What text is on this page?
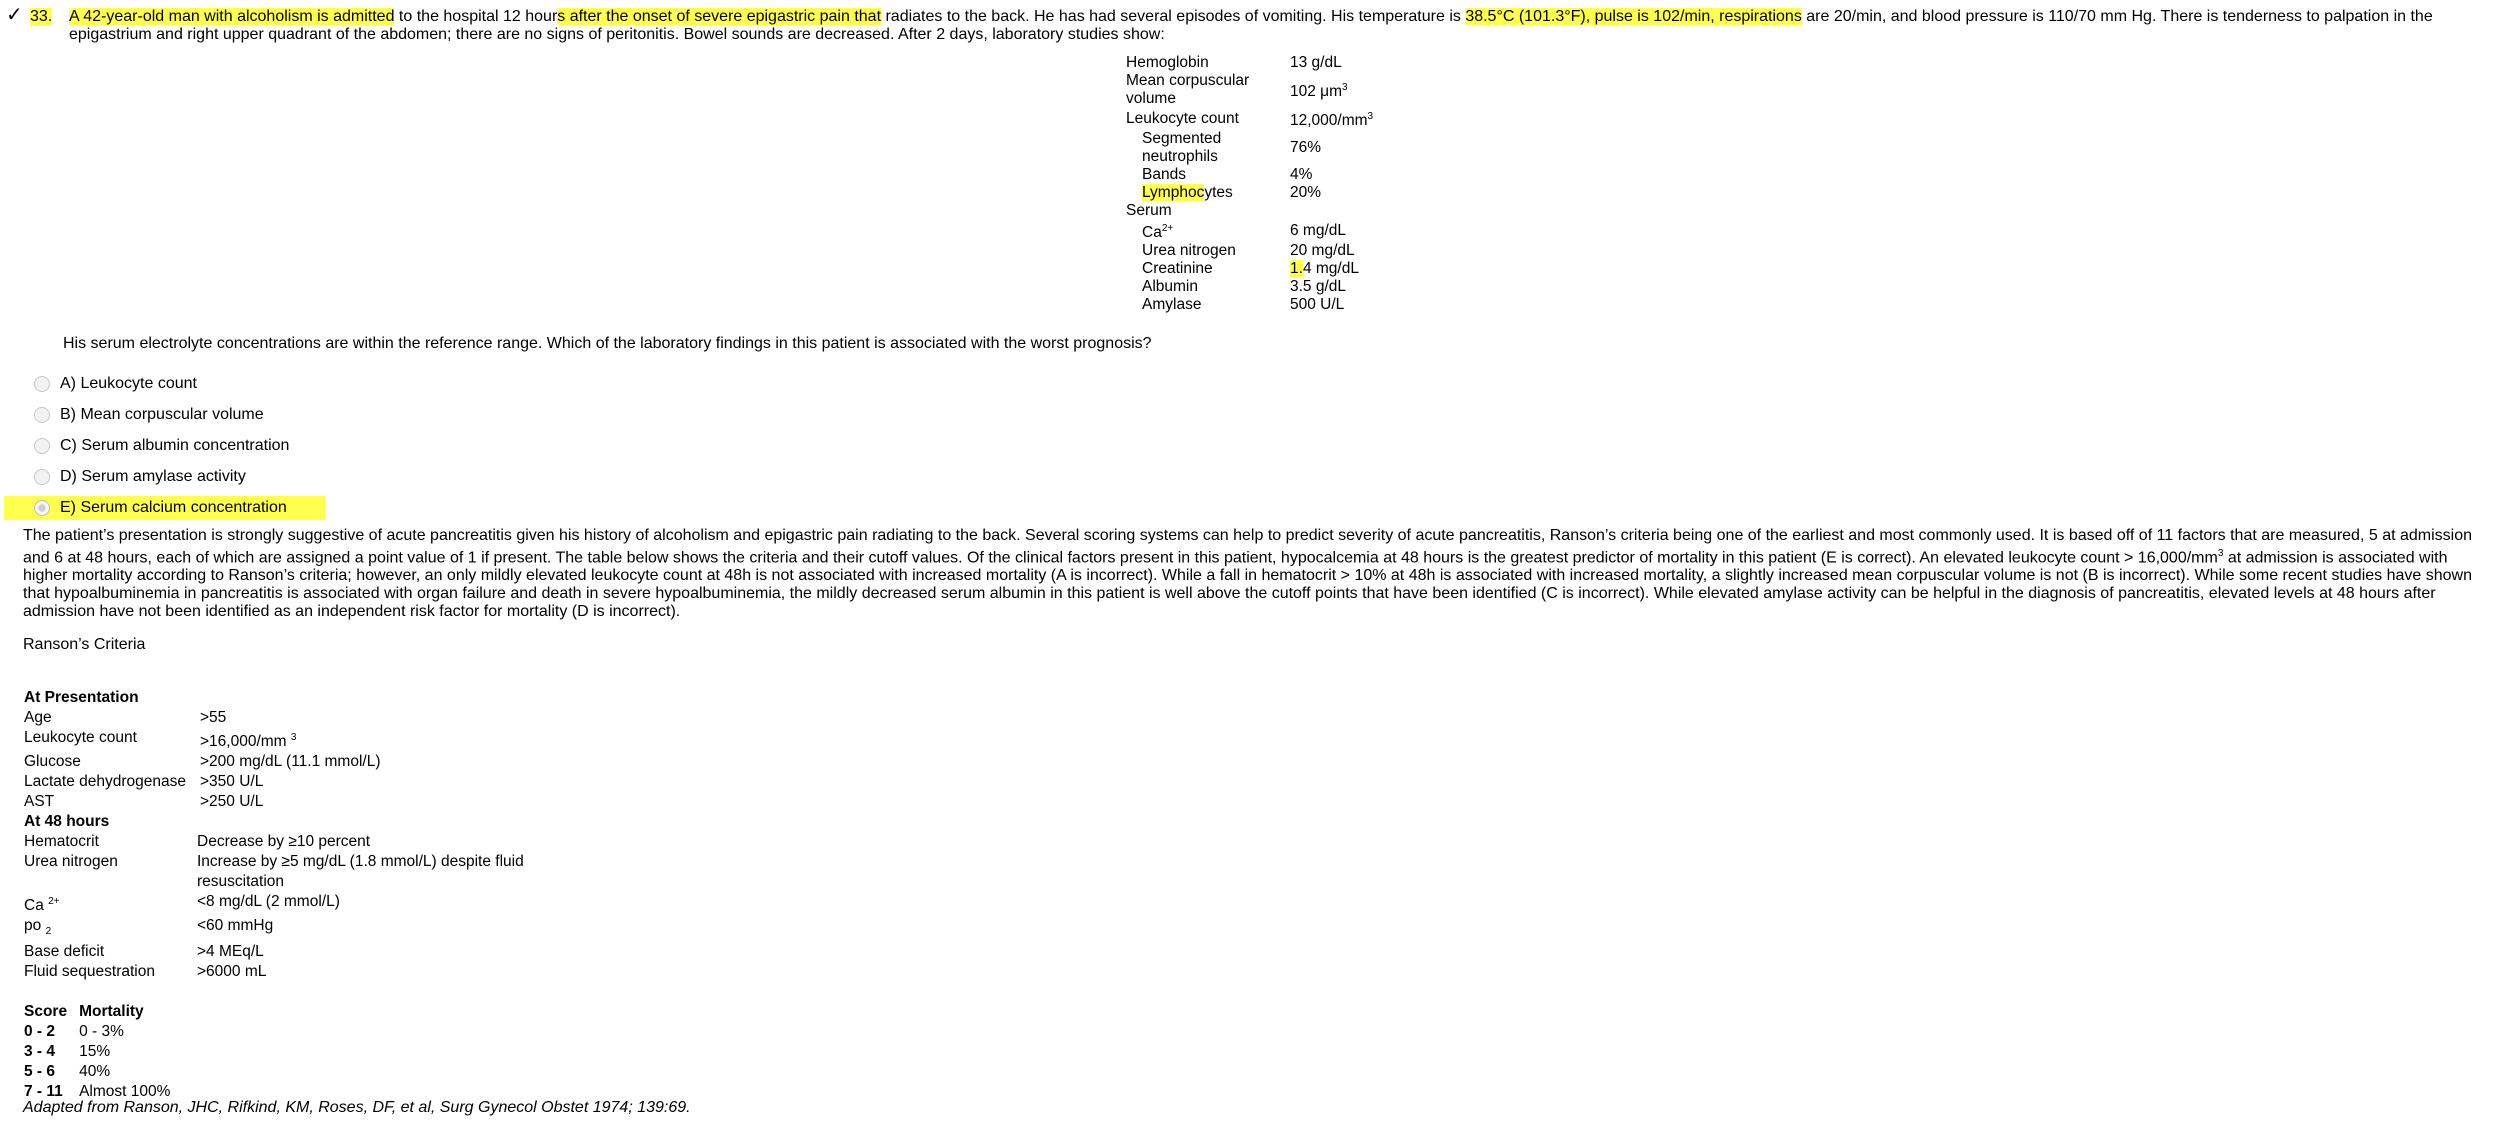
✓ 33. A 42-year-old man with alcoholism is admitted to the hospital 12 hours after the onset of severe epigastric pain that radiates to the back. He has had several episodes of vomiting. His temperature is 38.5°C (101.3°F), pulse is 102/min, respirations are 20/min, and blood pressure is 110/70 mm Hg. There is tenderness to palpation in the epigastrium and right upper quadrant of the abdomen; there are no signs of peritonitis. Bowel sounds are decreased. After 2 days, laboratory studies show:
Hemoglobin	13 g/dL
Mean corpuscular volume	102 $\mu m^3$
Leukocyte count	$12,000/mm^3$
Segmented neutrophils	76%
Bands	4%
Lymphocytes	20%
Serum	
$Ca^{2+}$	6 mg/dL
Urea nitrogen	20 mg/dL
Creatinine	1.4 mg/dL
Albumin	3.5 g/dL
Amylase	500 U/L
His serum electrolyte concentrations are within the reference range. Which of the laboratory findings in this patient is associated with the worst prognosis?
A)
Leukocyte count
B)
Mean corpuscular volume
C)
Serum albumin concentration
D)
Serum amylase activity
E)
Serum calcium concentration
The patient’s presentation is strongly suggestive of acute pancreatitis given his history of alcoholism and epigastric pain radiating to the back. Several scoring systems can help to predict severity of acute pancreatitis, Ranson’s criteria being one of the earliest and most commonly used. It is based off of 11 factors that are measured, 5 at admission and 6 at 48 hours, each of which are assigned a point value of 1 if present. The table below shows the criteria and their cutoff values. Of the clinical factors present in this patient, hypocalcemia at 48 hours is the greatest predictor of mortality in this patient (E is correct). An elevated leukocyte count > $16,000/mm^3$ at admission is associated with higher mortality according to Ranson’s criteria; however, an only mildly elevated leukocyte count at 48h is not associated with increased mortality (A is incorrect). While a fall in hematocrit > 10% at 48h is associated with increased mortality, a slightly increased mean corpuscular volume is not (B is incorrect). While some recent studies have shown that hypoalbuminemia in pancreatitis is associated with organ failure and death in severe hypoalbuminemia, the mildly decreased serum albumin in this patient is well above the cutoff points that have been identified (C is incorrect). While elevated amylase activity can be helpful in the diagnosis of pancreatitis, elevated levels at 48 hours after admission have not been identified as an independent risk factor for mortality (D is incorrect).
Ranson’s Criteria
At Presentation	
Age	>55
Leukocyte count	>16,000/mm $^3$
Glucose	>200 mg/dL (11.1 mmol/L)
Lactate dehydrogenase	>350 U/L
AST	>250 U/L
At 48 hours	
Hematocrit	Decrease by ≥10 percent
Urea nitrogen	Increase by ≥5 mg/dL (1.8 mmol/L) despite fluid resuscitation
Ca $^{2+}$	<8 mg/dL (2 mmol/L)
po $_2$	<60 mmHg
Base deficit	>4 MEq/L
Fluid sequestration	>6000 mL
Score	Mortality
0 - 2	0 - 3%
3 - 4	15%
5 - 6	40%
7 - 11	Almost 100%
Adapted from Ranson, JHC, Rifkind, KM, Roses, DF, et al, Surg Gynecol Obstet 1974; 139:69.
